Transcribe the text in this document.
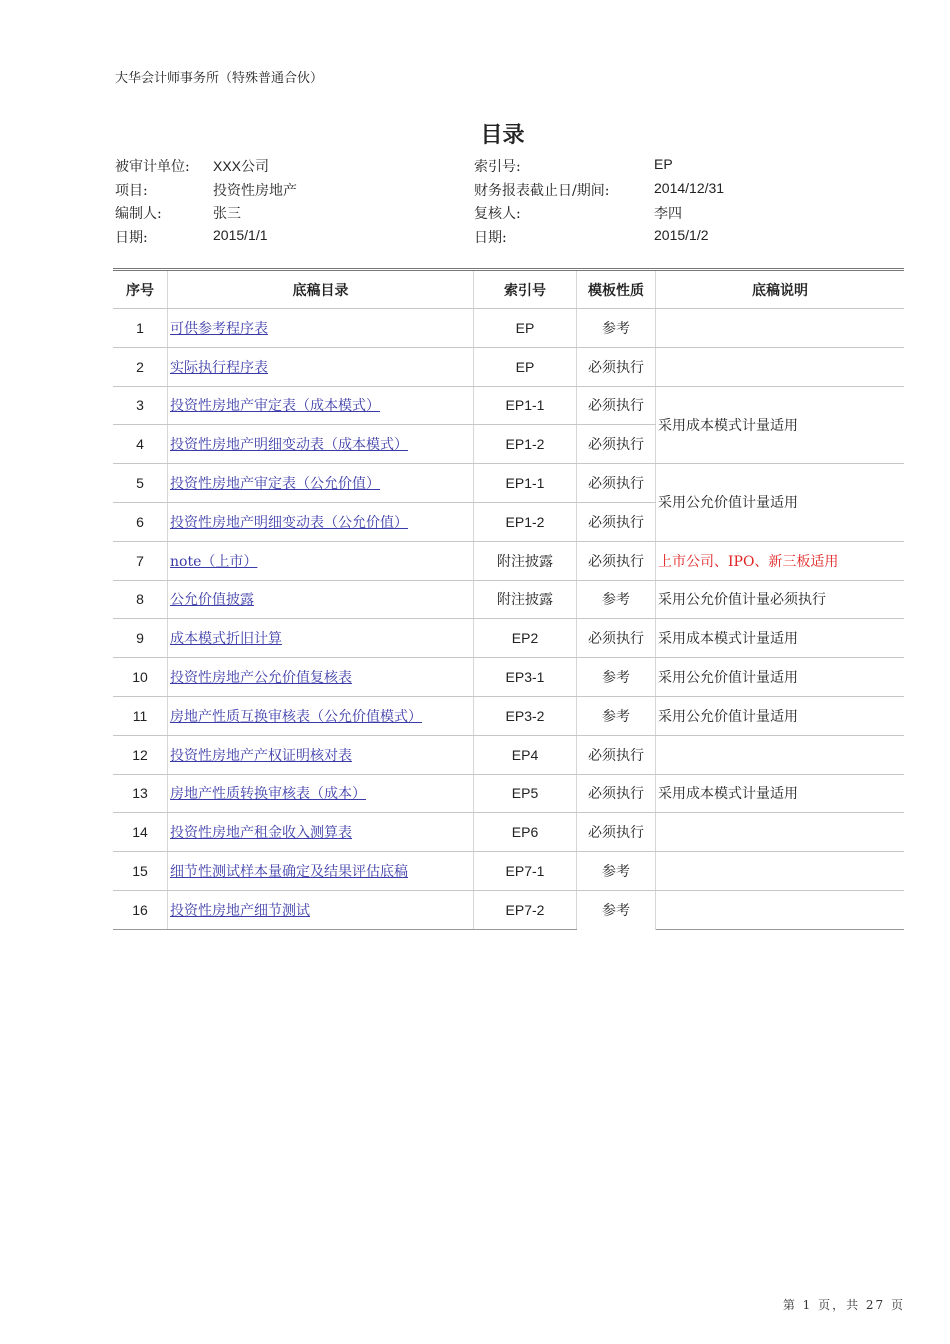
大华会计师事务所（特殊普通合伙）
目录
被审计单位: XXX公司	索引号:	EP
项目:	投资性房地产	财务报表截止日/期间:	2014/12/31
编制人:	张三	复核人:	李四
日期:	2015/1/1	日期:	2015/1/2
序号	底稿目录	索引号	模板性质	底稿说明
1	可供参考程序表	EP	参考	
2	实际执行程序表	EP	必须执行	
3	投资性房地产审定表（成本模式）	EP1-1	必须执行	采用成本模式计量适用
4	投资性房地产明细变动表（成本模式）	EP1-2	必须执行	
5	投资性房地产审定表（公允价值）	EP1-1	必须执行	采用公允价值计量适用
6	投资性房地产明细变动表（公允价值）	EP1-2	必须执行	
7	note（上市）	附注披露	必须执行	上市公司、IPO、新三板适用
8	公允价值披露	附注披露	参考	采用公允价值计量必须执行
9	成本模式折旧计算	EP2	必须执行	采用成本模式计量适用
10	投资性房地产公允价值复核表	EP3-1	参考	采用公允价值计量适用
11	房地产性质互换审核表（公允价值模式）	EP3-2	参考	采用公允价值计量适用
12	投资性房地产产权证明核对表	EP4	必须执行	
13	房地产性质转换审核表（成本）	EP5	必须执行	采用成本模式计量适用
14	投资性房地产租金收入测算表	EP6	必须执行	
15	细节性测试样本量确定及结果评估底稿	EP7-1	参考	
16	投资性房地产细节测试	EP7-2	参考	
第 1 页，共 27 页
